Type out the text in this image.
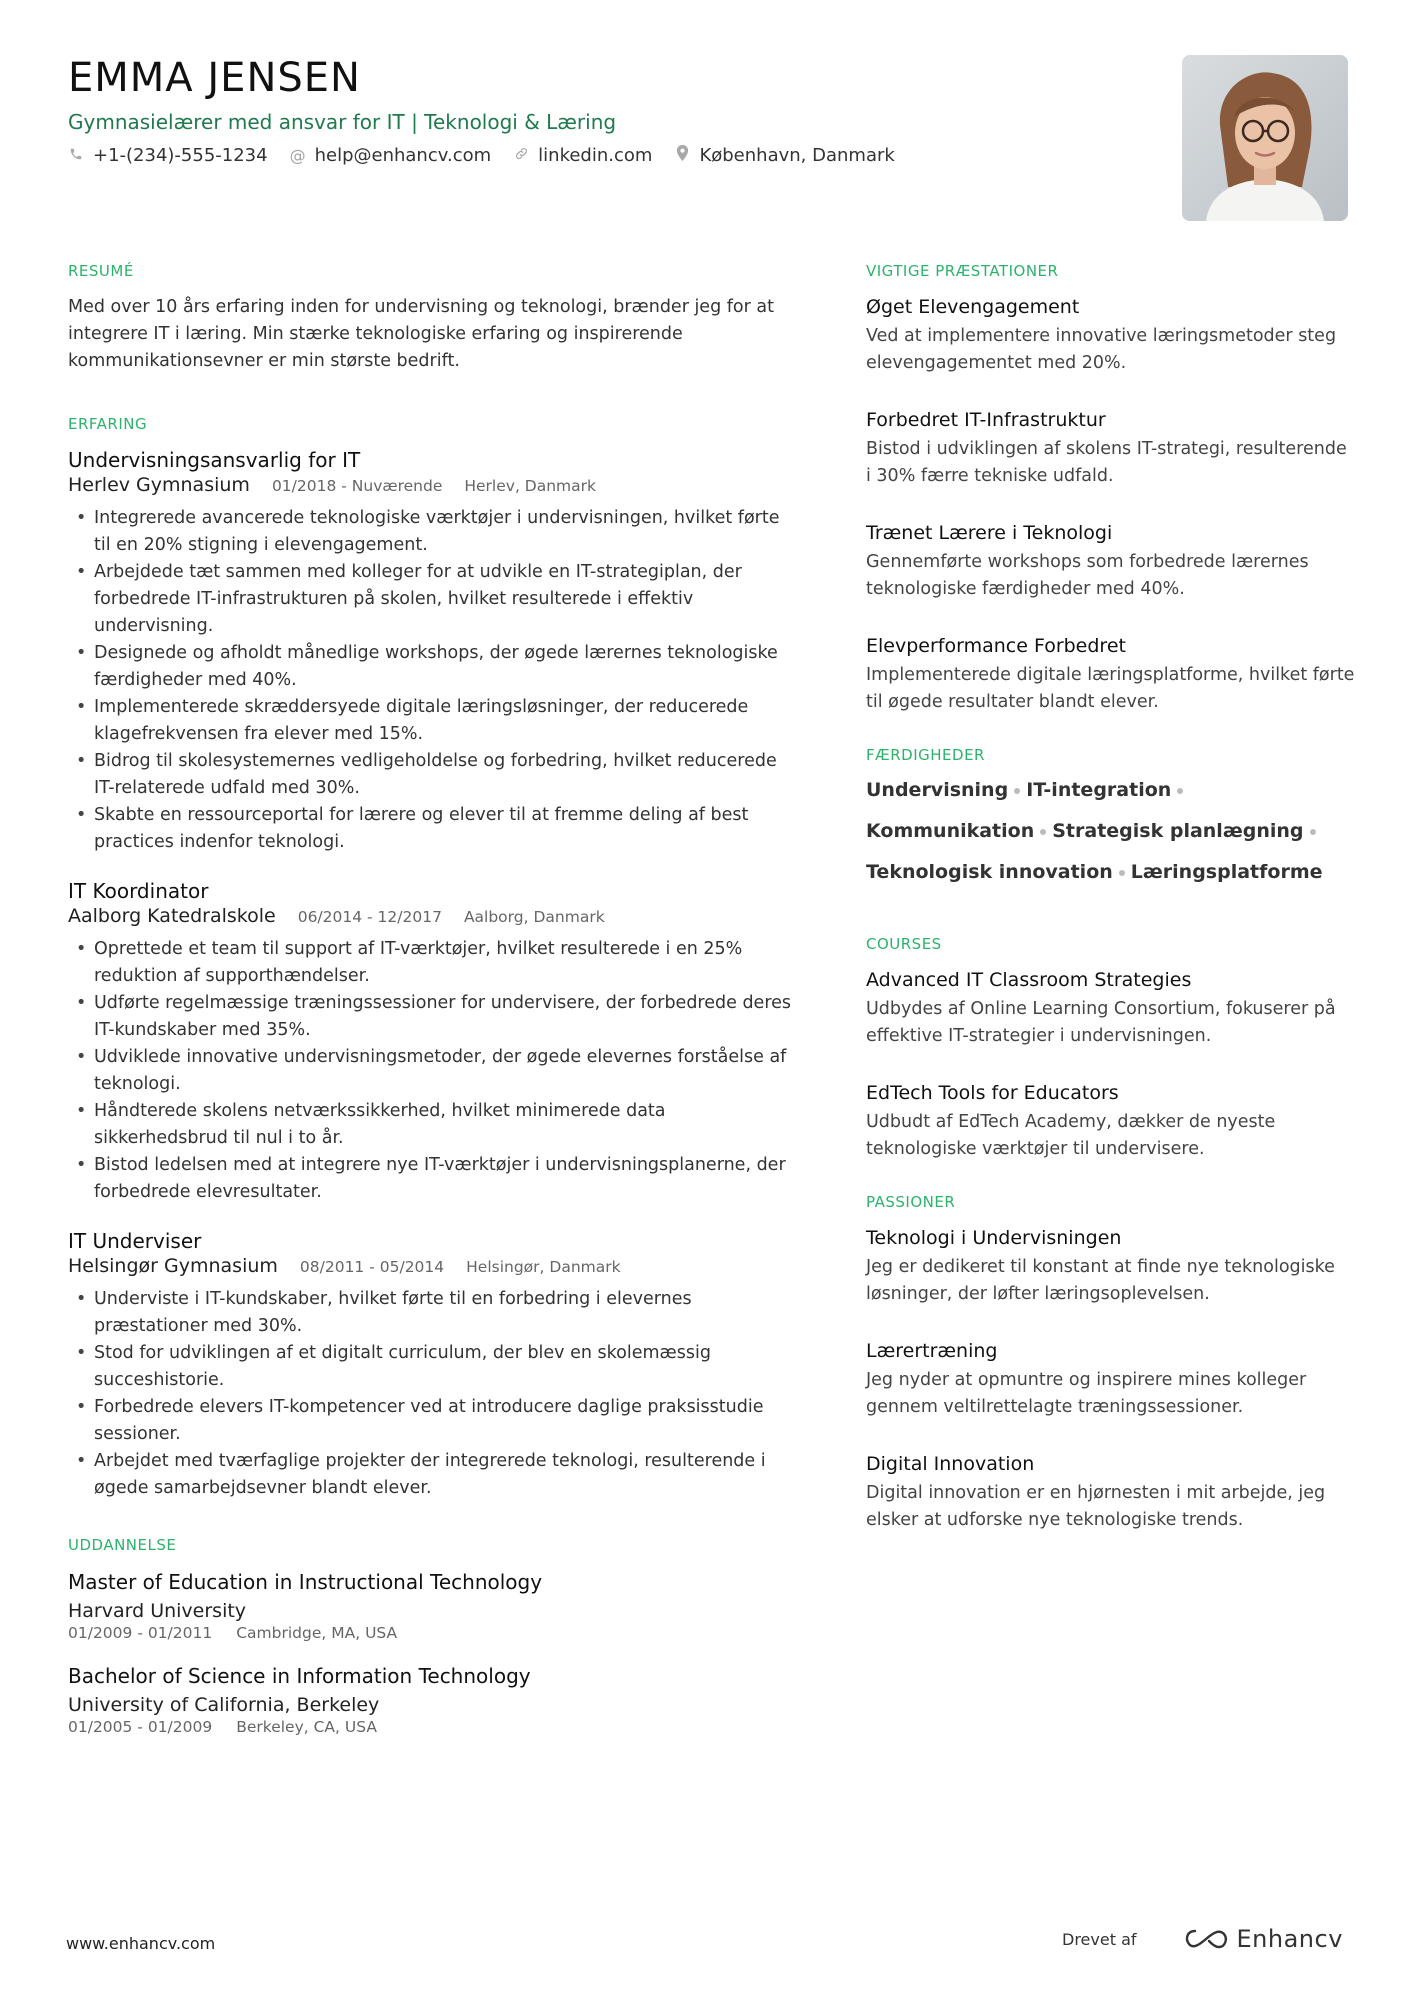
EMMA JENSEN
Gymnasielærer med ansvar for IT | Teknologi & Læring
+1-(234)-555-1234 @ help@enhancv.com	linkedin.com	København, Danmark
RESUMÉ
Med over 10 års erfaring inden for undervisning og teknologi, brænder jeg for at integrere IT i læring. Min stærke teknologiske erfaring og inspirerende kommunikationsevner er min største bedrift.
ERFARING
Undervisningsansvarlig for IT
Herlev Gymnasium 01/2018 - Nuværende Herlev, Danmark
• Integrerede avancerede teknologiske værktøjer i undervisningen, hvilket førte til en 20% stigning i elevengagement.
• Arbejdede tæt sammen med kolleger for at udvikle en IT-strategiplan, der forbedrede IT-infrastrukturen på skolen, hvilket resulterede i effektiv undervisning.
• Designede og afholdt månedlige workshops, der øgede lærernes teknologiske færdigheder med 40%.
• Implementerede skræddersyede digitale læringsløsninger, der reducerede klagefrekvensen fra elever med 15%.
• Bidrog til skolesystemernes vedligeholdelse og forbedring, hvilket reducerede IT-relaterede udfald med 30%.
• Skabte en ressourceportal for lærere og elever til at fremme deling af best practices indenfor teknologi.
IT Koordinator
Aalborg Katedralskole 06/2014 - 12/2017 Aalborg, Danmark
• Oprettede et team til support af IT-værktøjer, hvilket resulterede i en 25% reduktion af supporthændelser.
• Udførte regelmæssige træningssessioner for undervisere, der forbedrede deres IT-kundskaber med 35%.
• Udviklede innovative undervisningsmetoder, der øgede elevernes forståelse af teknologi.
• Håndterede skolens netværkssikkerhed, hvilket minimerede data sikkerhedsbrud til nul i to år.
• Bistod ledelsen med at integrere nye IT-værktøjer i undervisningsplanerne, der forbedrede elevresultater.
IT Underviser
Helsingør Gymnasium 08/2011 - 05/2014 Helsingør, Danmark
• Underviste i IT-kundskaber, hvilket førte til en forbedring i elevernes præstationer med 30%.
• Stod for udviklingen af et digitalt curriculum, der blev en skolemæssig succeshistorie.
• Forbedrede elevers IT-kompetencer ved at introducere daglige praksisstudie sessioner.
• Arbejdet med tværfaglige projekter der integrerede teknologi, resulterende i øgede samarbejdsevner blandt elever.
UDDANNELSE
Master of Education in Instructional Technology
Harvard University
01/2009 - 01/2011 Cambridge, MA, USA
Bachelor of Science in Information Technology
University of California, Berkeley
01/2005 - 01/2009 Berkeley, CA, USA
VIGTIGE PRÆSTATIONER
Øget Elevengagement
Ved at implementere innovative læringsmetoder steg elevengagementet med 20%.
Forbedret IT-Infrastruktur
Bistod i udviklingen af skolens IT-strategi, resulterende i 30% færre tekniske udfald.
Trænet Lærere i Teknologi
Gennemførte workshops som forbedrede lærernes teknologiske færdigheder med 40%.
Elevperformance Forbedret
Implementerede digitale læringsplatforme, hvilket førte til øgede resultater blandt elever.
FÆRDIGHEDER
Undervisning IT-integration
Kommunikation Strategisk planlægning
Teknologisk innovation Læringsplatforme
COURSES
Advanced IT Classroom Strategies
Udbydes af Online Learning Consortium, fokuserer på effektive IT-strategier i undervisningen.
EdTech Tools for Educators
Udbudt af EdTech Academy, dækker de nyeste teknologiske værktøjer til undervisere.
PASSIONER
Teknologi i Undervisningen
Jeg er dedikeret til konstant at finde nye teknologiske løsninger, der løfter læringsoplevelsen.
Lærertræning
Jeg nyder at opmuntre og inspirere mines kolleger gennem veltilrettelagte træningssessioner.
Digital Innovation
Digital innovation er en hjørnesten i mit arbejde, jeg elsker at udforske nye teknologiske trends.
www.enhancv.com	Drevet af	Enhancv
